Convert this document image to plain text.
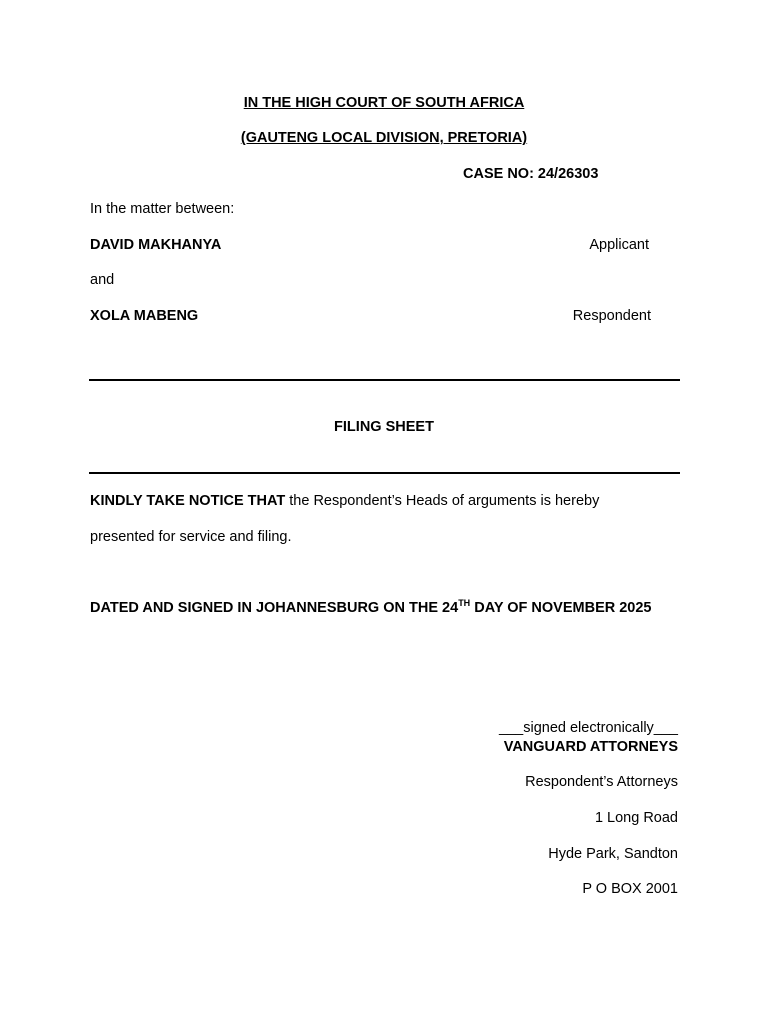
IN THE HIGH COURT OF SOUTH AFRICA
(GAUTENG LOCAL DIVISION, PRETORIA)
CASE NO: 24/26303
In the matter between:
DAVID MAKHANYA	Applicant
and
XOLA MABENG	Respondent
FILING SHEET
KINDLY TAKE NOTICE THAT the Respondent’s Heads of arguments is hereby
presented for service and filing.
DATED AND SIGNED IN JOHANNESBURG ON THE 24TH DAY OF NOVEMBER 2025
___signed electronically___
VANGUARD ATTORNEYS
Respondent’s Attorneys
1 Long Road
Hyde Park, Sandton
P O BOX 2001
